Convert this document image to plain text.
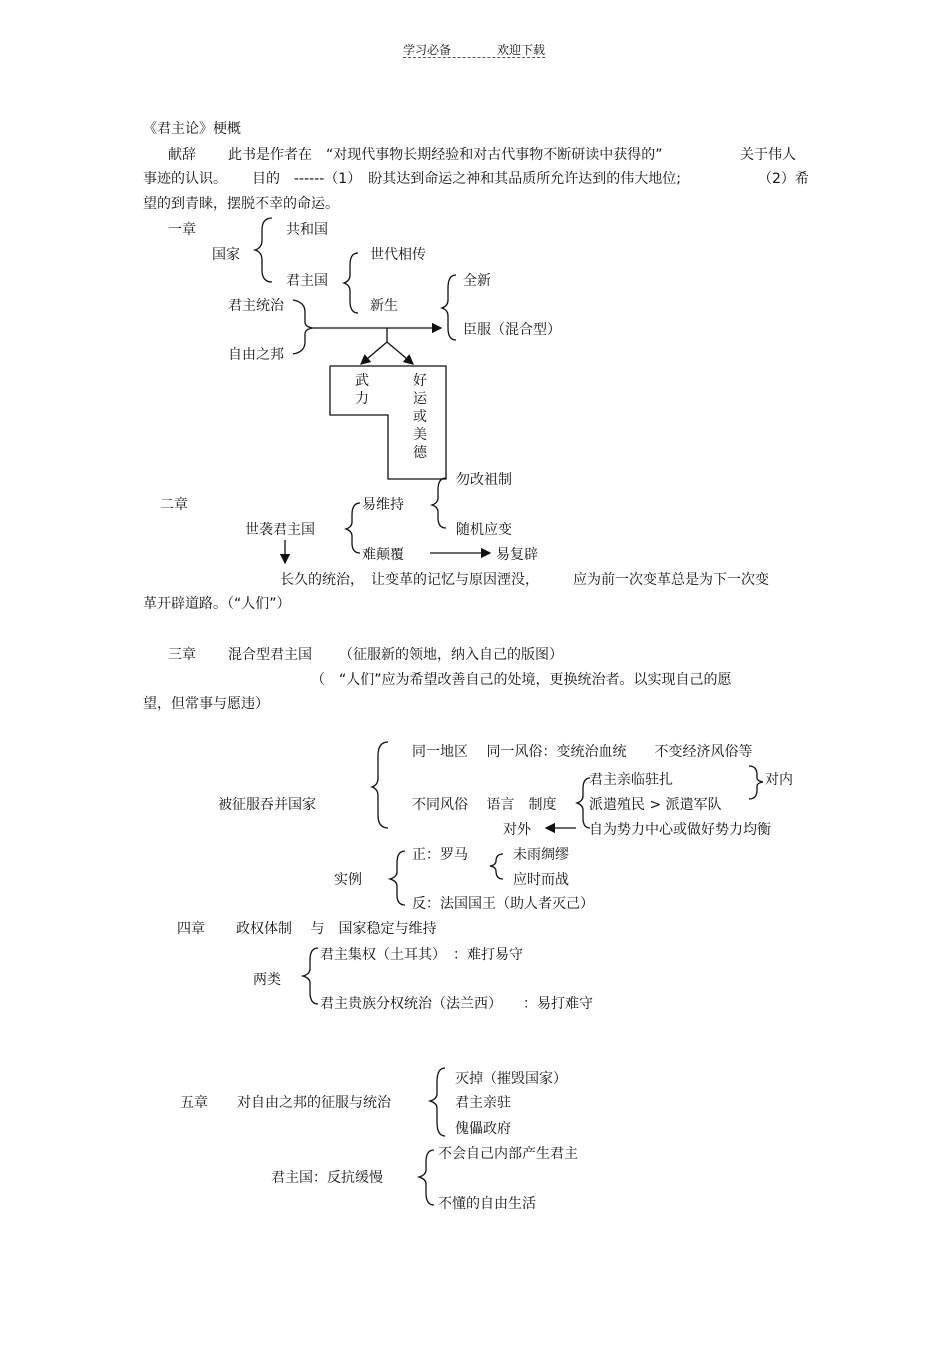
学习必备	欢迎下载
《君主论》梗概
献辞 此书是作者在　“对现代事物长期经验和对古代事物不断研读中获得的”	关于伟人
事迹的认识。 目的　------（1）　盼其达到命运之神和其品质所允许达到的伟大地位;	（2）希
望的到青睐，摆脱不幸的命运。
一章
国家
共和国
君主国
世代相传
新生
全新
臣服（混合型）
君主统治
自由之邦
武力
好运或美德
二章
世袭君主国
易维持
难颠覆
勿改祖制
随机应变
易复辟
长久的统治，　让变革的记忆与原因湮没， 应为前一次变革总是为下一次变
革开辟道路。（“人们”）
三章 混合型君主国 （征服新的领地，纳入自己的版图）
（　“人们”应为希望改善自己的处境，更换统治者。以实现自己的愿
望，但常事与愿违）
被征服吞并国家
同一地区　 同一风俗：变统治血统　　不变经济风俗等
不同风俗　 语言　制度
君主亲临驻扎
派遣殖民 > 派遣军队
自为势力中心或做好势力均衡
对内
对外
实例
正：罗马	未雨绸缪
应时而战
反：法国国王（助人者灭己）
四章 政权体制　 与　国家稳定与维持
两类
君主集权（土耳其）　：难打易守
君主贵族分权统治（法兰西）　　：易打难守
五章 对自由之邦的征服与统治
灭掉（摧毁国家）
君主亲驻
傀儡政府
君主国：反抗缓慢
不会自己内部产生君主
不懂的自由生活
